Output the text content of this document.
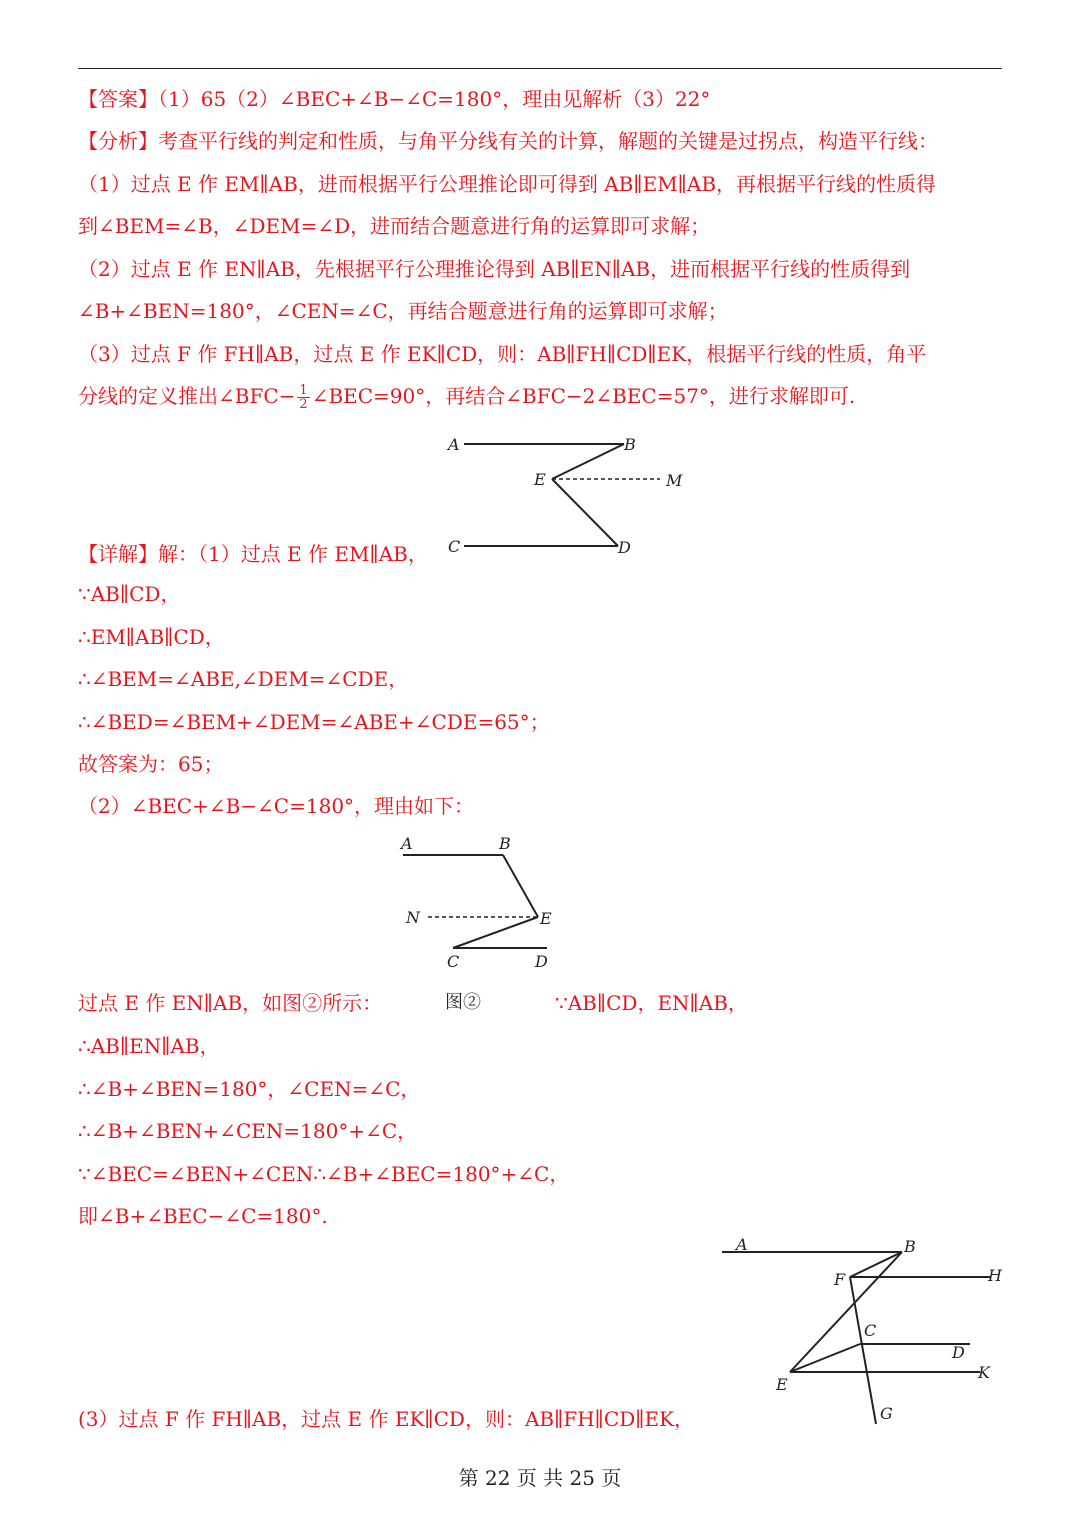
【答案】（1）65（2）∠BEC+∠B−∠C=180°，理由见解析（3）22°
【分析】考查平行线的判定和性质，与角平分线有关的计算，解题的关键是过拐点，构造平行线：
（1）过点 E 作 EM∥AB，进而根据平行公理推论即可得到 AB∥EM∥AB，再根据平行线的性质得
到∠BEM=∠B，∠DEM=∠D，进而结合题意进行角的运算即可求解；
（2）过点 E 作 EN∥AB，先根据平行公理推论得到 AB∥EN∥AB，进而根据平行线的性质得到
∠B+∠BEN=180°，∠CEN=∠C，再结合题意进行角的运算即可求解；
（3）过点 F 作 FH∥AB，过点 E 作 EK∥CD，则：AB∥FH∥CD∥EK，根据平行线的性质，角平
分线的定义推出∠BFC− $\frac{1}{2}$ ∠BEC=90°，再结合∠BFC−2∠BEC=57°，进行求解即可.
A	B
E	M
C	D
【详解】解：（1）过点 E 作 EM∥AB，
∵AB∥CD，
∴EM∥AB∥CD，
∴∠BEM=∠ABE,∠DEM=∠CDE，
∴∠BED=∠BEM+∠DEM=∠ABE+∠CDE=65°；
故答案为：65；
（2）∠BEC+∠B−∠C=180°，理由如下：
A	B
N	E
C	D
图②
过点 E 作 EN∥AB，如图②所示：	∵AB∥CD，EN∥AB，
∴AB∥EN∥AB，
∴∠B+∠BEN=180°，∠CEN=∠C，
∴∠B+∠BEN+∠CEN=180°+∠C，
∵∠BEC=∠BEN+∠CEN∴∠B+∠BEC=180°+∠C，
即∠B+∠BEC−∠C=180°.
A	B
F	H
C
D
E
K
G
(3）过点 F 作 FH∥AB，过点 E 作 EK∥CD，则：AB∥FH∥CD∥EK，
第 22 页 共 25 页
